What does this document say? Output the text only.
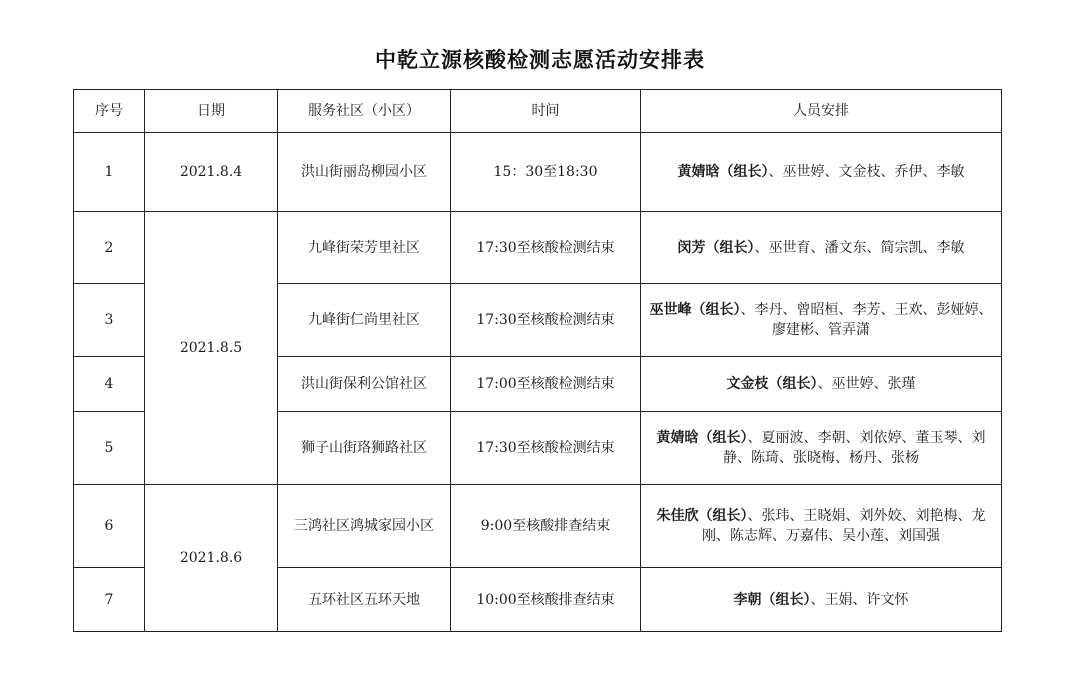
中乾立源核酸检测志愿活动安排表
序号	日期	服务社区（小区）	时间	人员安排
1	2021.8.4	洪山街丽岛柳园小区	15：30至18:30	黄婧晗（组长）、巫世婷、文金枝、乔伊、李敏
2	2021.8.5	九峰街荣芳里社区	17:30至核酸检测结束	闵芳（组长）、巫世育、潘文东、简宗凯、李敏
3		九峰街仁尚里社区	17:30至核酸检测结束	巫世峰（组长）、李丹、曾昭桓、李芳、王欢、彭娅婷、廖建彬、管弄潇
4		洪山街保利公馆社区	17:00至核酸检测结束	文金枝（组长）、巫世婷、张瑾
5		狮子山街珞狮路社区	17:30至核酸检测结束	黄婧晗（组长）、夏丽波、李朝、刘依婷、董玉琴、刘静、陈琦、张晓梅、杨丹、张杨
6	2021.8.6	三鸿社区鸿城家园小区	9:00至核酸排查结束	朱佳欣（组长）、张玮、王晓娟、刘外姣、刘艳梅、龙刚、陈志辉、万嘉伟、吴小莲、刘国强
7		五环社区五环天地	10:00至核酸排查结束	李朝（组长）、王娟、许文怀
